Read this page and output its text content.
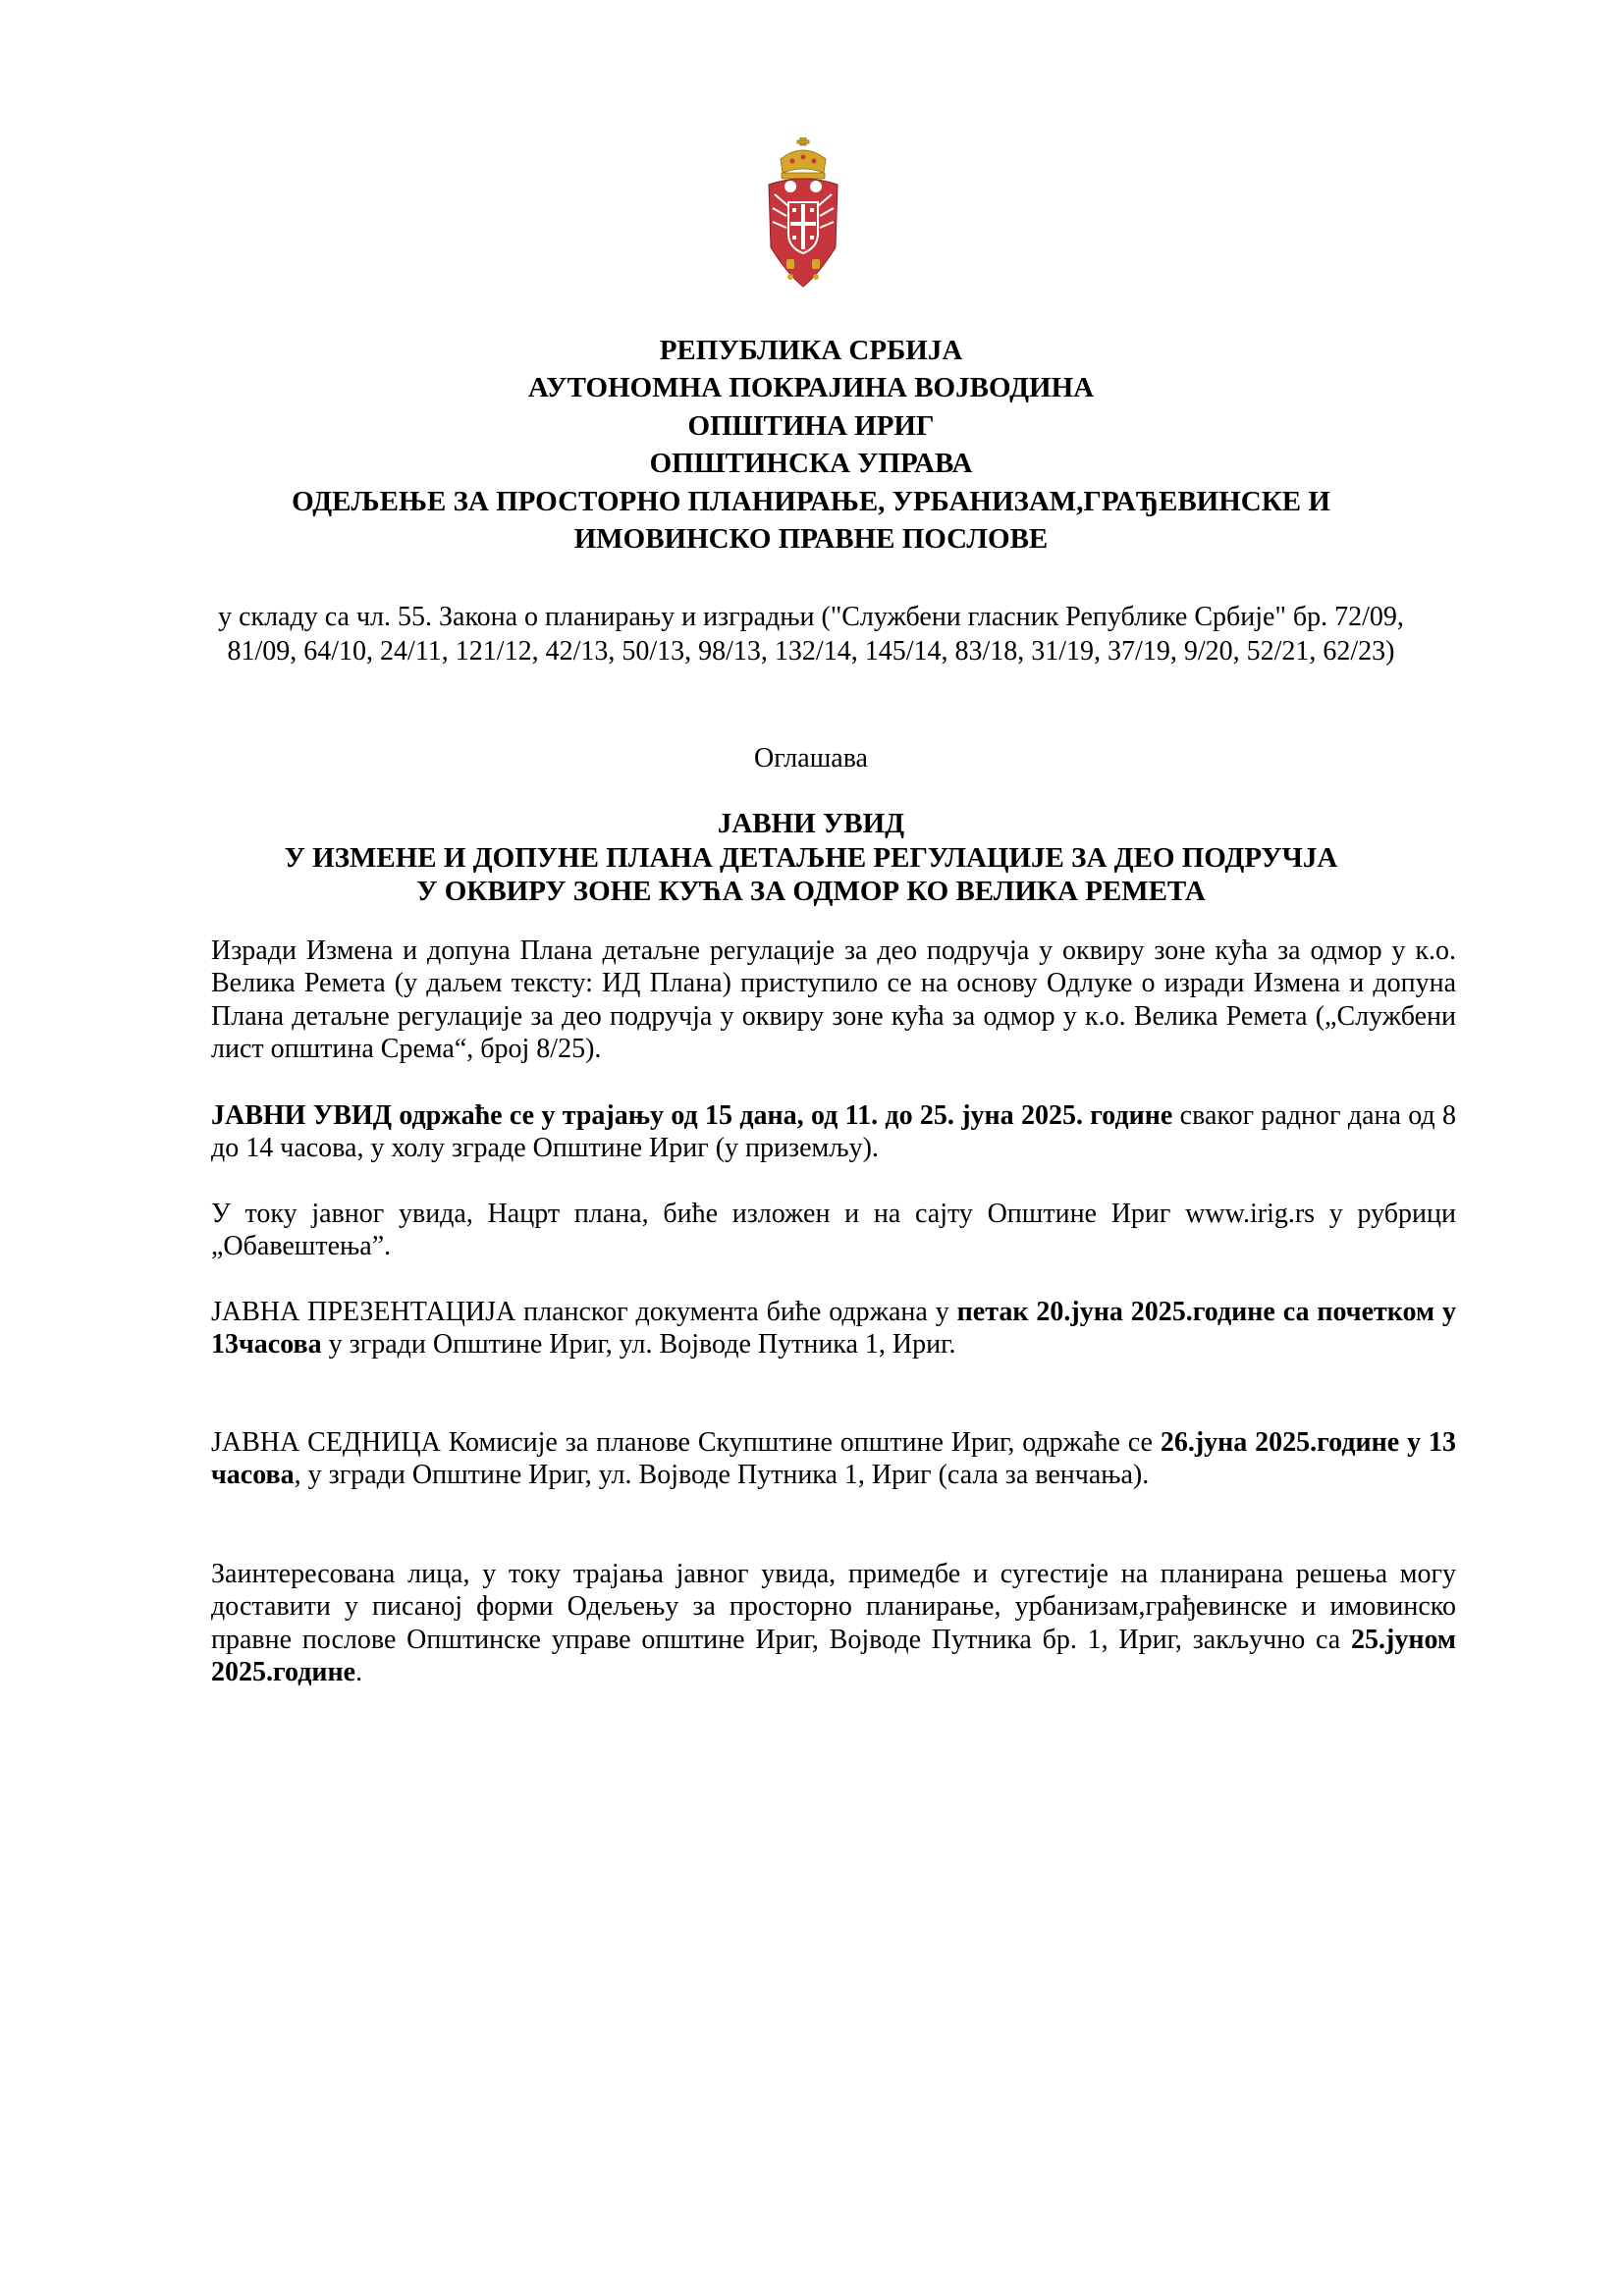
РЕПУБЛИКА СРБИЈА
АУТОНОМНА ПОКРАЈИНА ВОЈВОДИНА
ОПШТИНА ИРИГ
ОПШТИНСКА УПРАВА
ОДЕЉЕЊЕ ЗА ПРОСТОРНО ПЛАНИРАЊЕ, УРБАНИЗАМ,ГРАЂЕВИНСКЕ И
ИМОВИНСКО ПРАВНЕ ПОСЛОВЕ
у складу са чл. 55. Закона о планирању и изградњи ("Службени гласник Републике Србије" бр. 72/09, 81/09, 64/10, 24/11, 121/12, 42/13, 50/13, 98/13, 132/14, 145/14, 83/18, 31/19, 37/19, 9/20, 52/21, 62/23)
Оглашава
ЈАВНИ УВИД
У ИЗМЕНЕ И ДОПУНЕ ПЛАНА ДЕТАЉНЕ РЕГУЛАЦИЈЕ ЗА ДЕО ПОДРУЧЈА
У ОКВИРУ ЗОНЕ КУЋА ЗА ОДМОР КО ВЕЛИКА РЕМЕТА
Изради Измена и допуна Плана детаљне регулације за део подручја у оквиру зоне кућа за одмор у к.о. Велика Ремета (у даљем тексту: ИД Плана) приступило се на основу Одлуке о изради Измена и допуна Плана детаљне регулације за део подручја у оквиру зоне кућа за одмор у к.о. Велика Ремета („Службени лист општина Срема“, број 8/25).
ЈАВНИ УВИД одржаће се у трајању од 15 дана, од 11. до 25. јуна 2025. године сваког радног дана од 8 до 14 часова, у холу зграде Општине Ириг (у приземљу).
У току јавног увида, Нацрт плана, биће изложен и на сајту Општине Ириг www.irig.rs у рубрици „Обавештења”.
ЈАВНА ПРЕЗЕНТАЦИЈА планског документа биће одржана у петак 20.јуна 2025.године са почетком у 13часова у згради Општине Ириг, ул. Војводе Путника 1, Ириг.
ЈАВНА СЕДНИЦА Комисије за планове Скупштине општине Ириг, одржаће се 26.јуна 2025.године у 13 часова, у згради Општине Ириг, ул. Војводе Путника 1, Ириг (сала за венчања).
Заинтересована лица, у току трајања јавног увида, примедбе и сугестије на планирана решења могу доставити у писаној форми Одељењу за просторно планирање, урбанизам,грађевинске и имовинско правне послове Општинске управе општине Ириг, Војводе Путника бр. 1, Ириг, закључно са 25.јуном 2025.године.
